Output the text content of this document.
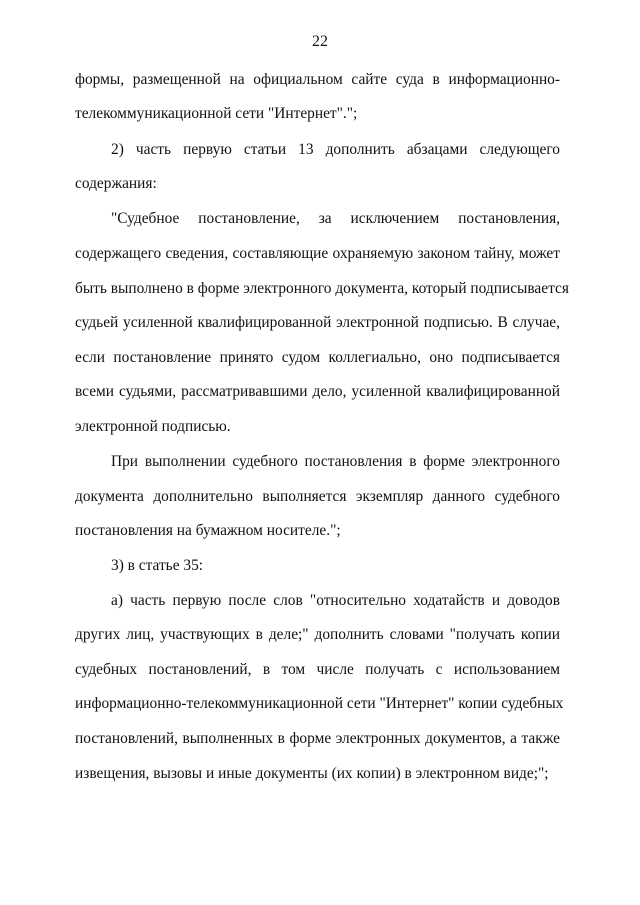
22
формы, размещенной на официальном сайте суда в информационно-
телекоммуникационной сети "Интернет".";
2) часть первую статьи 13 дополнить абзацами следующего
содержания:
"Судебное постановление, за исключением постановления,
содержащего сведения, составляющие охраняемую законом тайну, может
быть выполнено в форме электронного документа, который подписывается
судьей усиленной квалифицированной электронной подписью. В случае,
если постановление принято судом коллегиально, оно подписывается
всеми судьями, рассматривавшими дело, усиленной квалифицированной
электронной подписью.
При выполнении судебного постановления в форме электронного
документа дополнительно выполняется экземпляр данного судебного
постановления на бумажном носителе.";
3) в статье 35:
а) часть первую после слов "относительно ходатайств и доводов
других лиц, участвующих в деле;" дополнить словами "получать копии
судебных постановлений, в том числе получать с использованием
информационно-телекоммуникационной сети "Интернет" копии судебных
постановлений, выполненных в форме электронных документов, а также
извещения, вызовы и иные документы (их копии) в электронном виде;";
